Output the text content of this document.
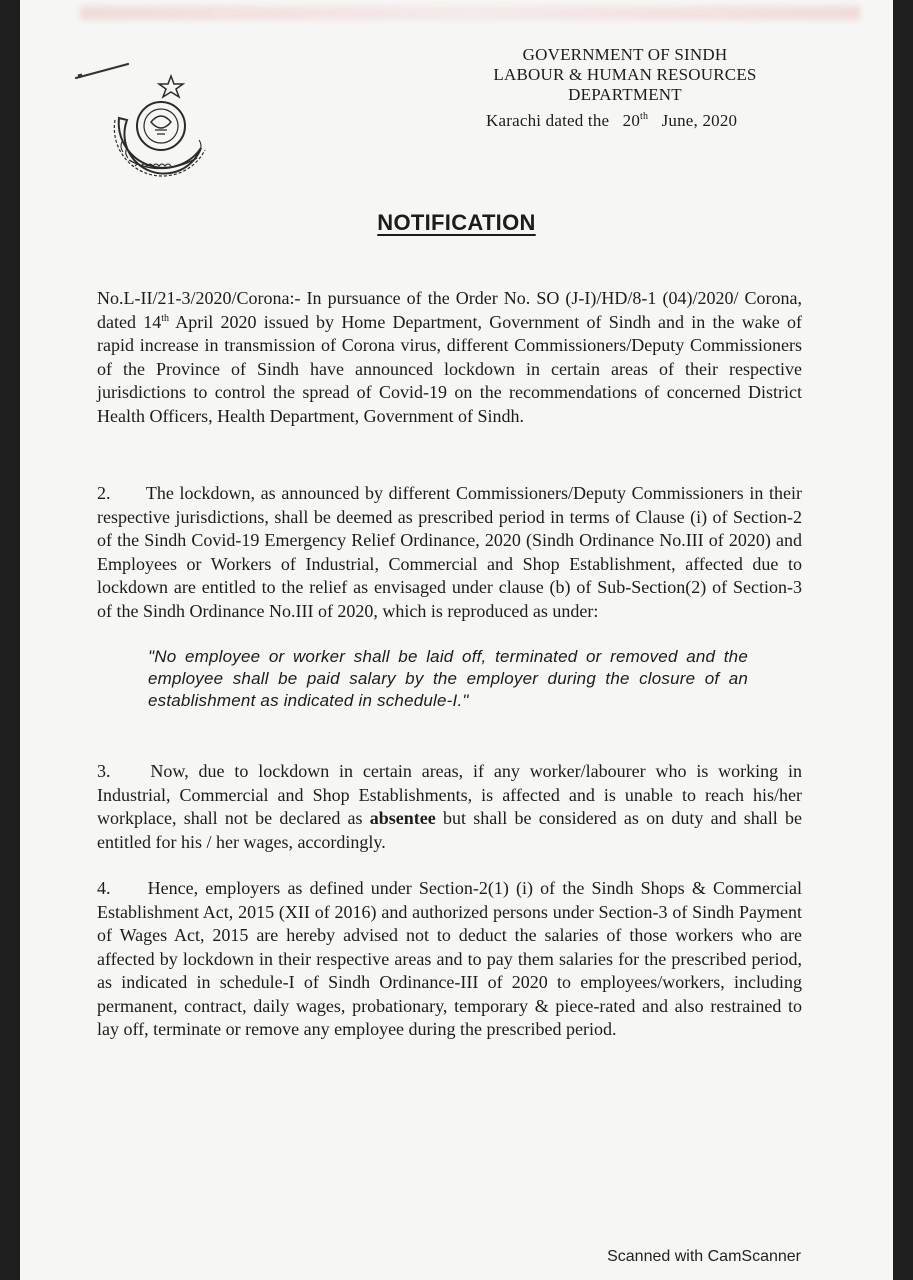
GOVERNMENT OF SINDH
LABOUR & HUMAN RESOURCES
DEPARTMENT
Karachi dated the 20th June, 2020
NOTIFICATION

No.L-II/21-3/2020/Corona:- In pursuance of the Order No. SO (J-I)/HD/8-1 (04)/2020/ Corona, dated 14th April 2020 issued by Home Department, Government of Sindh and in the wake of rapid increase in transmission of Corona virus, different Commissioners/Deputy Commissioners of the Province of Sindh have announced lockdown in certain areas of their respective jurisdictions to control the spread of Covid-19 on the recommendations of concerned District Health Officers, Health Department, Government of Sindh.

2. The lockdown, as announced by different Commissioners/Deputy Commissioners in their respective jurisdictions, shall be deemed as prescribed period in terms of Clause (i) of Section-2 of the Sindh Covid-19 Emergency Relief Ordinance, 2020 (Sindh Ordinance No.III of 2020) and Employees or Workers of Industrial, Commercial and Shop Establishment, affected due to lockdown are entitled to the relief as envisaged under clause (b) of Sub-Section(2) of Section-3 of the Sindh Ordinance No.III of 2020, which is reproduced as under:

"No employee or worker shall be laid off, terminated or removed and the employee shall be paid salary by the employer during the closure of an establishment as indicated in schedule-I."

3. Now, due to lockdown in certain areas, if any worker/labourer who is working in Industrial, Commercial and Shop Establishments, is affected and is unable to reach his/her workplace, shall not be declared as absentee but shall be considered as on duty and shall be entitled for his / her wages, accordingly.

4. Hence, employers as defined under Section-2(1) (i) of the Sindh Shops & Commercial Establishment Act, 2015 (XII of 2016) and authorized persons under Section-3 of Sindh Payment of Wages Act, 2015 are hereby advised not to deduct the salaries of those workers who are affected by lockdown in their respective areas and to pay them salaries for the prescribed period, as indicated in schedule-I of Sindh Ordinance-III of 2020 to employees/workers, including permanent, contract, daily wages, probationary, temporary & piece-rated and also restrained to lay off, terminate or remove any employee during the prescribed period.

Scanned with CamScanner
